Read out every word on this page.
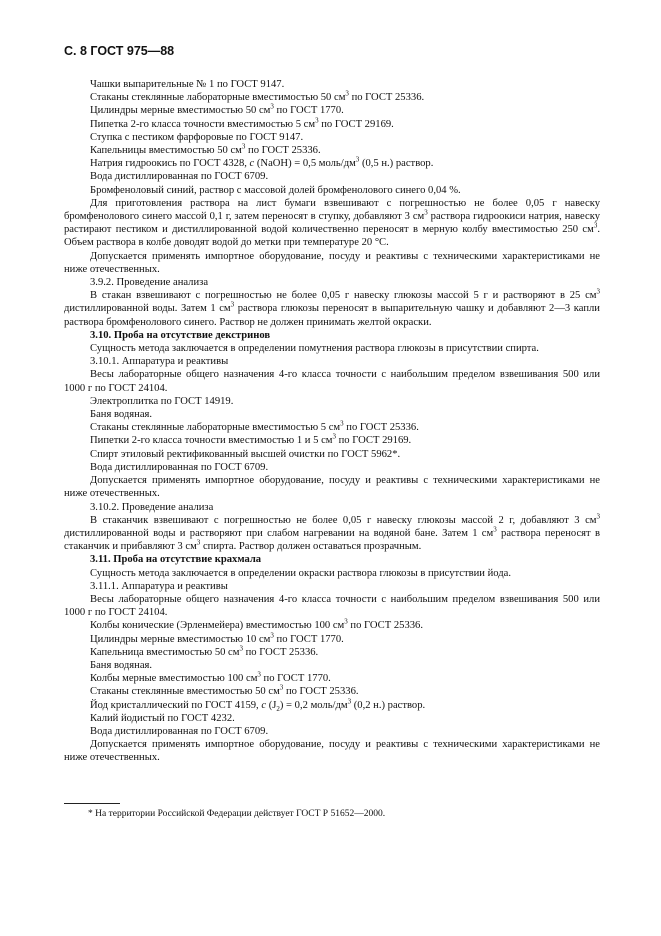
С. 8 ГОСТ 975—88
Чашки выпарительные № 1 по ГОСТ 9147.
Стаканы стеклянные лабораторные вместимостью 50 $см^3$ по ГОСТ 25336.
Цилиндры мерные вместимостью 50 $см^3$ по ГОСТ 1770.
Пипетка 2-го класса точности вместимостью 5 $см^3$ по ГОСТ 29169.
Ступка с пестиком фарфоровые по ГОСТ 9147.
Капельницы вместимостью 50 $см^3$ по ГОСТ 25336.
Натрия гидроокись по ГОСТ 4328, c (NaOH) = 0,5 моль/$дм^3$ (0,5 н.) раствор.
Вода дистиллированная по ГОСТ 6709.
Бромфеноловый синий, раствор с массовой долей бромфенолового синего 0,04 %.

Для приготовления раствора на лист бумаги взвешивают с погрешностью не более 0,05 г навеску бромфенолового синего массой 0,1 г, затем переносят в ступку, добавляют 3 $см^3$ раствора гидроокиси натрия, навеску растирают пестиком и дистиллированной водой количественно переносят в мерную колбу вместимостью 250 $см^3$. Объем раствора в колбе доводят водой до метки при температуре 20 °С.

Допускается применять импортное оборудование, посуду и реактивы с техническими характеристиками не ниже отечественных.

3.9.2. Проведение анализа

В стакан взвешивают с погрешностью не более 0,05 г навеску глюкозы массой 5 г и растворяют в 25 $см^3$ дистиллированной воды. Затем 1 $см^3$ раствора глюкозы переносят в выпарительную чашку и добавляют 2—3 капли раствора бромфенолового синего. Раствор не должен принимать желтой окраски.

3.10. Проба на отсутствие декстринов

Сущность метода заключается в определении помутнения раствора глюкозы в присутствии спирта.

3.10.1. Аппаратура и реактивы

Весы лабораторные общего назначения 4-го класса точности с наибольшим пределом взвешивания 500 или 1000 г по ГОСТ 24104.

Электроплитка по ГОСТ 14919.
Баня водяная.
Стаканы стеклянные лабораторные вместимостью 5 $см^3$ по ГОСТ 25336.
Пипетки 2-го класса точности вместимостью 1 и 5 $см^3$ по ГОСТ 29169.
Спирт этиловый ректификованный высшей очистки по ГОСТ 5962*.
Вода дистиллированная по ГОСТ 6709.

Допускается применять импортное оборудование, посуду и реактивы с техническими характеристиками не ниже отечественных.

3.10.2. Проведение анализа

В стаканчик взвешивают с погрешностью не более 0,05 г навеску глюкозы массой 2 г, добавляют 3 $см^3$ дистиллированной воды и растворяют при слабом нагревании на водяной бане. Затем 1 $см^3$ раствора переносят в стаканчик и прибавляют 3 $см^3$ спирта. Раствор должен оставаться прозрачным.

3.11. Проба на отсутствие крахмала

Сущность метода заключается в определении окраски раствора глюкозы в присутствии йода.

3.11.1. Аппаратура и реактивы

Весы лабораторные общего назначения 4-го класса точности с наибольшим пределом взвешивания 500 или 1000 г по ГОСТ 24104.

Колбы конические (Эрленмейера) вместимостью 100 $см^3$ по ГОСТ 25336.
Цилиндры мерные вместимостью 10 $см^3$ по ГОСТ 1770.
Капельница вместимостью 50 $см^3$ по ГОСТ 25336.
Баня водяная.
Колбы мерные вместимостью 100 $см^3$ по ГОСТ 1770.
Стаканы стеклянные вместимостью 50 $см^3$ по ГОСТ 25336.
Йод кристаллический по ГОСТ 4159, c $(J_2) = 0,2$ моль/$дм^3$ (0,2 н.) раствор.
Калий йодистый по ГОСТ 4232.
Вода дистиллированная по ГОСТ 6709.

Допускается применять импортное оборудование, посуду и реактивы с техническими характеристиками не ниже отечественных.

* На территории Российской Федерации действует ГОСТ Р 51652—2000.
